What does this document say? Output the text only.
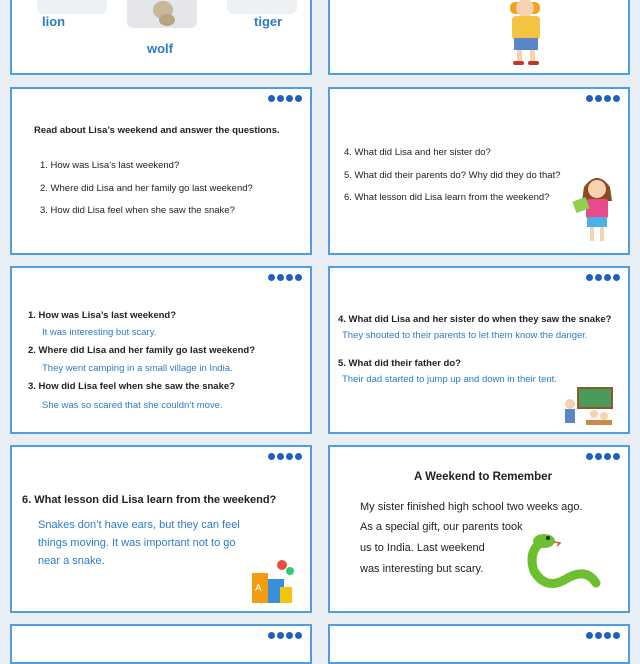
lion
wolf
tiger
Read about Lisa’s weekend and answer the questions.
1. How was Lisa’s last weekend?
2. Where did Lisa and her family go last weekend?
3. How did Lisa feel when she saw the snake?
4. What did Lisa and her sister do?
5. What did their parents do? Why did they do that?
6. What lesson did Lisa learn from the weekend?
1. How was Lisa’s last weekend?
It was interesting but scary.
2. Where did Lisa and her family go last weekend?
They went camping in a small village in India.
3. How did Lisa feel when she saw the snake?
She was so scared that she couldn’t move.
4. What did Lisa and her sister do when they saw the snake?
They shouted to their parents to let them know the danger.
5. What did their father do?
Their dad started to jump up and down in their tent.
6. What lesson did Lisa learn from the weekend?
Snakes don’t have ears, but they can feel
things moving. It was important not to go
near a snake.
A
A Weekend to Remember
My sister finished high school two weeks ago.
As a special gift, our parents took
us to India. Last weekend
was interesting but scary.
